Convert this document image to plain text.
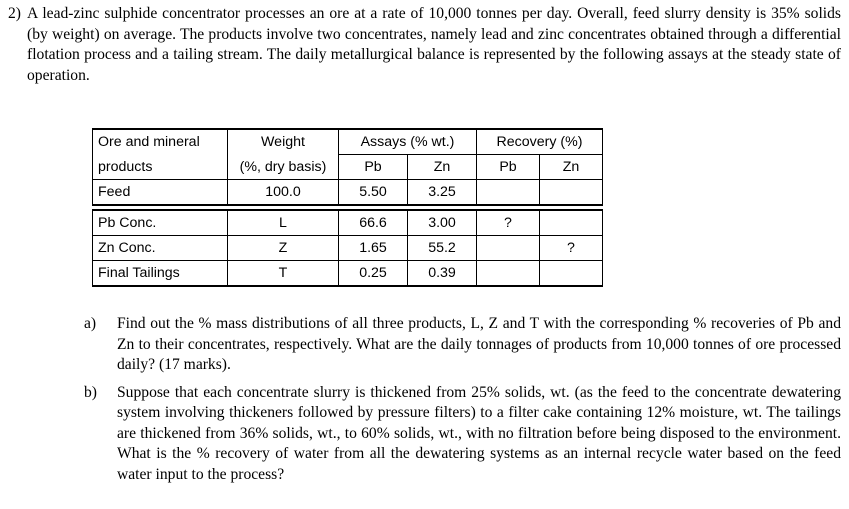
2) A lead-zinc sulphide concentrator processes an ore at a rate of 10,000 tonnes per day. Overall, feed slurry density is 35% solids (by weight) on average. The products involve two concentrates, namely lead and zinc concentrates obtained through a differential flotation process and a tailing stream. The daily metallurgical balance is represented by the following assays at the steady state of operation.
Ore and mineral	Weight	Assays (% wt.)		Recovery (%)	
products	(%, dry basis)	Pb	Zn	Pb	Zn
Feed	100.0	5.50	3.25		

Pb Conc.	L	66.6	3.00	?	
Zn Conc.	Z	1.65	55.2		?
Final Tailings	T	0.25	0.39		
a) Find out the % mass distributions of all three products, L, Z and T with the corresponding % recoveries of Pb and Zn to their concentrates, respectively. What are the daily tonnages of products from 10,000 tonnes of ore processed daily? (17 marks).
b) Suppose that each concentrate slurry is thickened from 25% solids, wt. (as the feed to the concentrate dewatering system involving thickeners followed by pressure filters) to a filter cake containing 12% moisture, wt. The tailings are thickened from 36% solids, wt., to 60% solids, wt., with no filtration before being disposed to the environment. What is the % recovery of water from all the dewatering systems as an internal recycle water based on the feed water input to the process?
